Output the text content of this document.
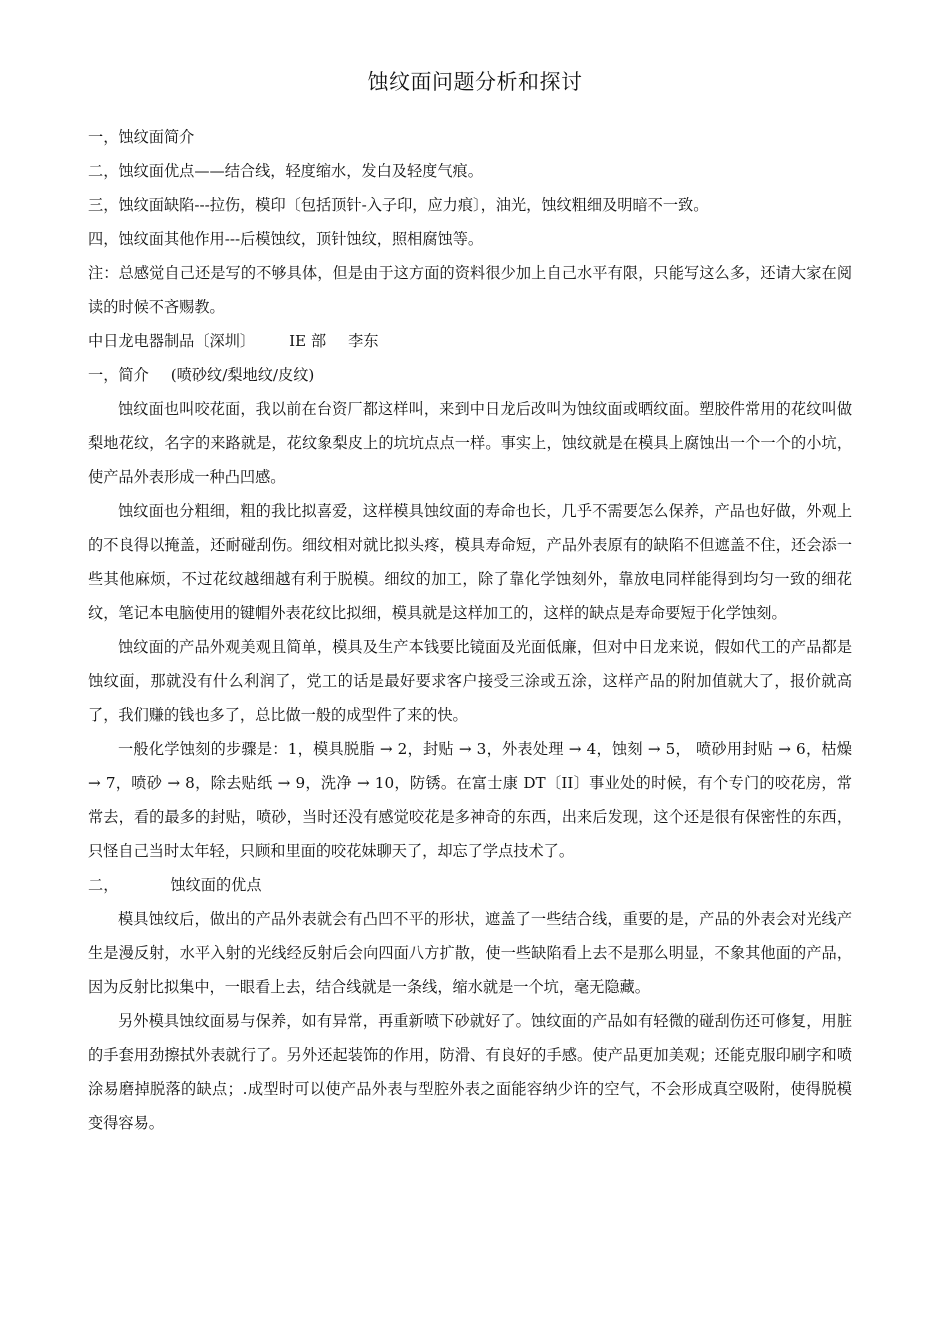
蚀纹面问题分析和探讨
一，蚀纹面简介
二，蚀纹面优点——结合线，轻度缩水，发白及轻度气痕。
三，蚀纹面缺陷---拉伤，模印〔包括顶针-入子印，应力痕〕，油光，蚀纹粗细及明暗不一致。
四，蚀纹面其他作用---后模蚀纹，顶针蚀纹，照相腐蚀等。

注：总感觉自己还是写的不够具体，但是由于这方面的资料很少加上自己水平有限，只能写这么多，还请大家在阅读的时候不吝赐教。

中日龙电器制品〔深圳〕 IE 部 李东
一，简介 (喷砂纹/梨地纹/皮纹)

蚀纹面也叫咬花面，我以前在台资厂都这样叫，来到中日龙后改叫为蚀纹面或晒纹面。塑胶件常用的花纹叫做梨地花纹，名字的来路就是，花纹象梨皮上的坑坑点点一样。事实上，蚀纹就是在模具上腐蚀出一个一个的小坑，使产品外表形成一种凸凹感。

蚀纹面也分粗细，粗的我比拟喜爱，这样模具蚀纹面的寿命也长，几乎不需要怎么保养，产品也好做，外观上的不良得以掩盖，还耐碰刮伤。细纹相对就比拟头疼，模具寿命短，产品外表原有的缺陷不但遮盖不住，还会添一些其他麻烦，不过花纹越细越有利于脱模。细纹的加工，除了靠化学蚀刻外，靠放电同样能得到均匀一致的细花纹，笔记本电脑使用的键帽外表花纹比拟细，模具就是这样加工的，这样的缺点是寿命要短于化学蚀刻。

蚀纹面的产品外观美观且简单，模具及生产本钱要比镜面及光面低廉，但对中日龙来说，假如代工的产品都是蚀纹面，那就没有什么利润了，党工的话是最好要求客户接受三涂或五涂，这样产品的附加值就大了，报价就高了，我们赚的钱也多了，总比做一般的成型件了来的快。

一般化学蚀刻的步骤是：1，模具脱脂 → 2，封贴 → 3，外表处理 → 4，蚀刻 → 5， 喷砂用封贴 → 6，枯燥 → 7，喷砂 → 8，除去贴纸 → 9，洗净 → 10，防锈。在富士康 DT〔II〕事业处的时候，有个专门的咬花房，常常去，看的最多的封贴，喷砂，当时还没有感觉咬花是多神奇的东西，出来后发现，这个还是很有保密性的东西，只怪自己当时太年轻，只顾和里面的咬花妹聊天了，却忘了学点技术了。

二，	蚀纹面的优点

模具蚀纹后，做出的产品外表就会有凸凹不平的形状，遮盖了一些结合线，重要的是，产品的外表会对光线产生是漫反射，水平入射的光线经反射后会向四面八方扩散，使一些缺陷看上去不是那么明显，不象其他面的产品，因为反射比拟集中，一眼看上去，结合线就是一条线，缩水就是一个坑，毫无隐藏。

另外模具蚀纹面易与保养，如有异常，再重新喷下砂就好了。蚀纹面的产品如有轻微的碰刮伤还可修复，用脏的手套用劲擦拭外表就行了。另外还起装饰的作用，防滑、有良好的手感。使产品更加美观；还能克服印刷字和喷涂易磨掉脱落的缺点；.成型时可以使产品外表与型腔外表之面能容纳少许的空气，不会形成真空吸附，使得脱模变得容易。
